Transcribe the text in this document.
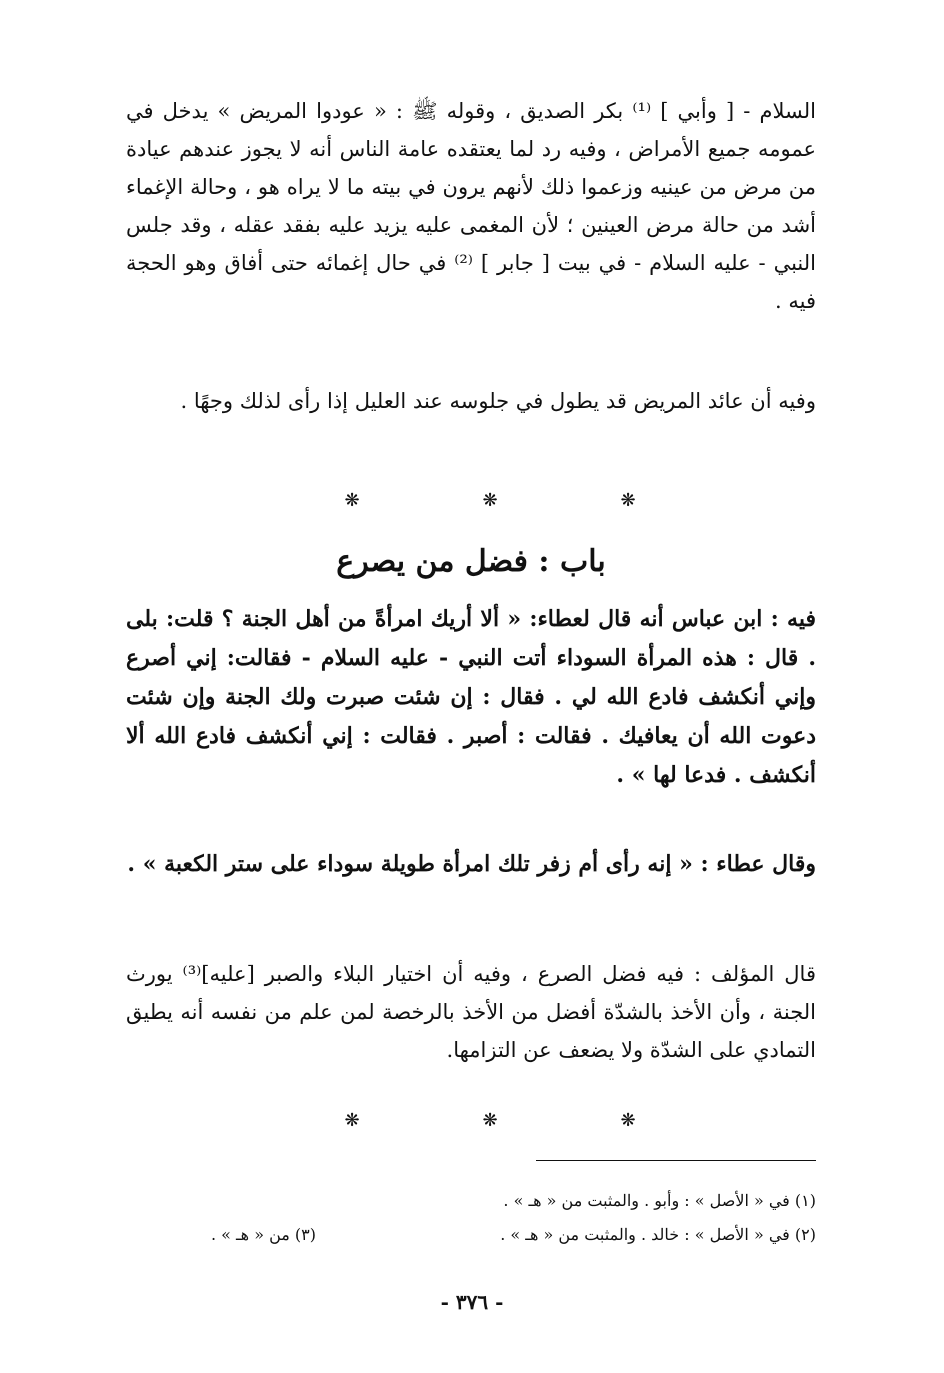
السلام - [ وأبي ] ⁽¹⁾ بكر الصديق ، وقوله ﷺ : « عودوا المريض » يدخل في عمومه جميع الأمراض ، وفيه رد لما يعتقده عامة الناس أنه لا يجوز عندهم عيادة من مرض من عينيه وزعموا ذلك لأنهم يرون في بيته ما لا يراه هو ، وحالة الإغماء أشد من حالة مرض العينين ؛ لأن المغمى عليه يزيد عليه بفقد عقله ، وقد جلس النبي - عليه السلام - في بيت [ جابر ] ⁽²⁾ في حال إغمائه حتى أفاق وهو الحجة فيه .

وفيه أن عائد المريض قد يطول في جلوسه عند العليل إذا رأى لذلك وجهًا .

❋	❋	❋
باب : فضل من يصرع

فيه : ابن عباس أنه قال لعطاء: « ألا أريك امرأةً من أهل الجنة ؟ قلت: بلى . قال : هذه المرأة السوداء أتت النبي - عليه السلام - فقالت: إني أصرع وإني أنكشف فادع الله لي . فقال : إن شئت صبرت ولك الجنة وإن شئت دعوت الله أن يعافيك . فقالت : أصبر . فقالت : إني أنكشف فادع الله ألا أنكشف . فدعا لها » .

وقال عطاء : « إنه رأى أم زفر تلك امرأة طويلة سوداء على ستر الكعبة » .

قال المؤلف : فيه فضل الصرع ، وفيه أن اختيار البلاء والصبر [عليه]⁽³⁾ يورث الجنة ، وأن الأخذ بالشدّة أفضل من الأخذ بالرخصة لمن علم من نفسه أنه يطيق التمادي على الشدّة ولا يضعف عن التزامها.

❋	❋	❋

(١) في « الأصل » : وأبو . والمثبت من « هـ » .

(٢) في « الأصل » : خالد . والمثبت من « هـ » .

(٣) من « هـ » .

- ٣٧٦ -
